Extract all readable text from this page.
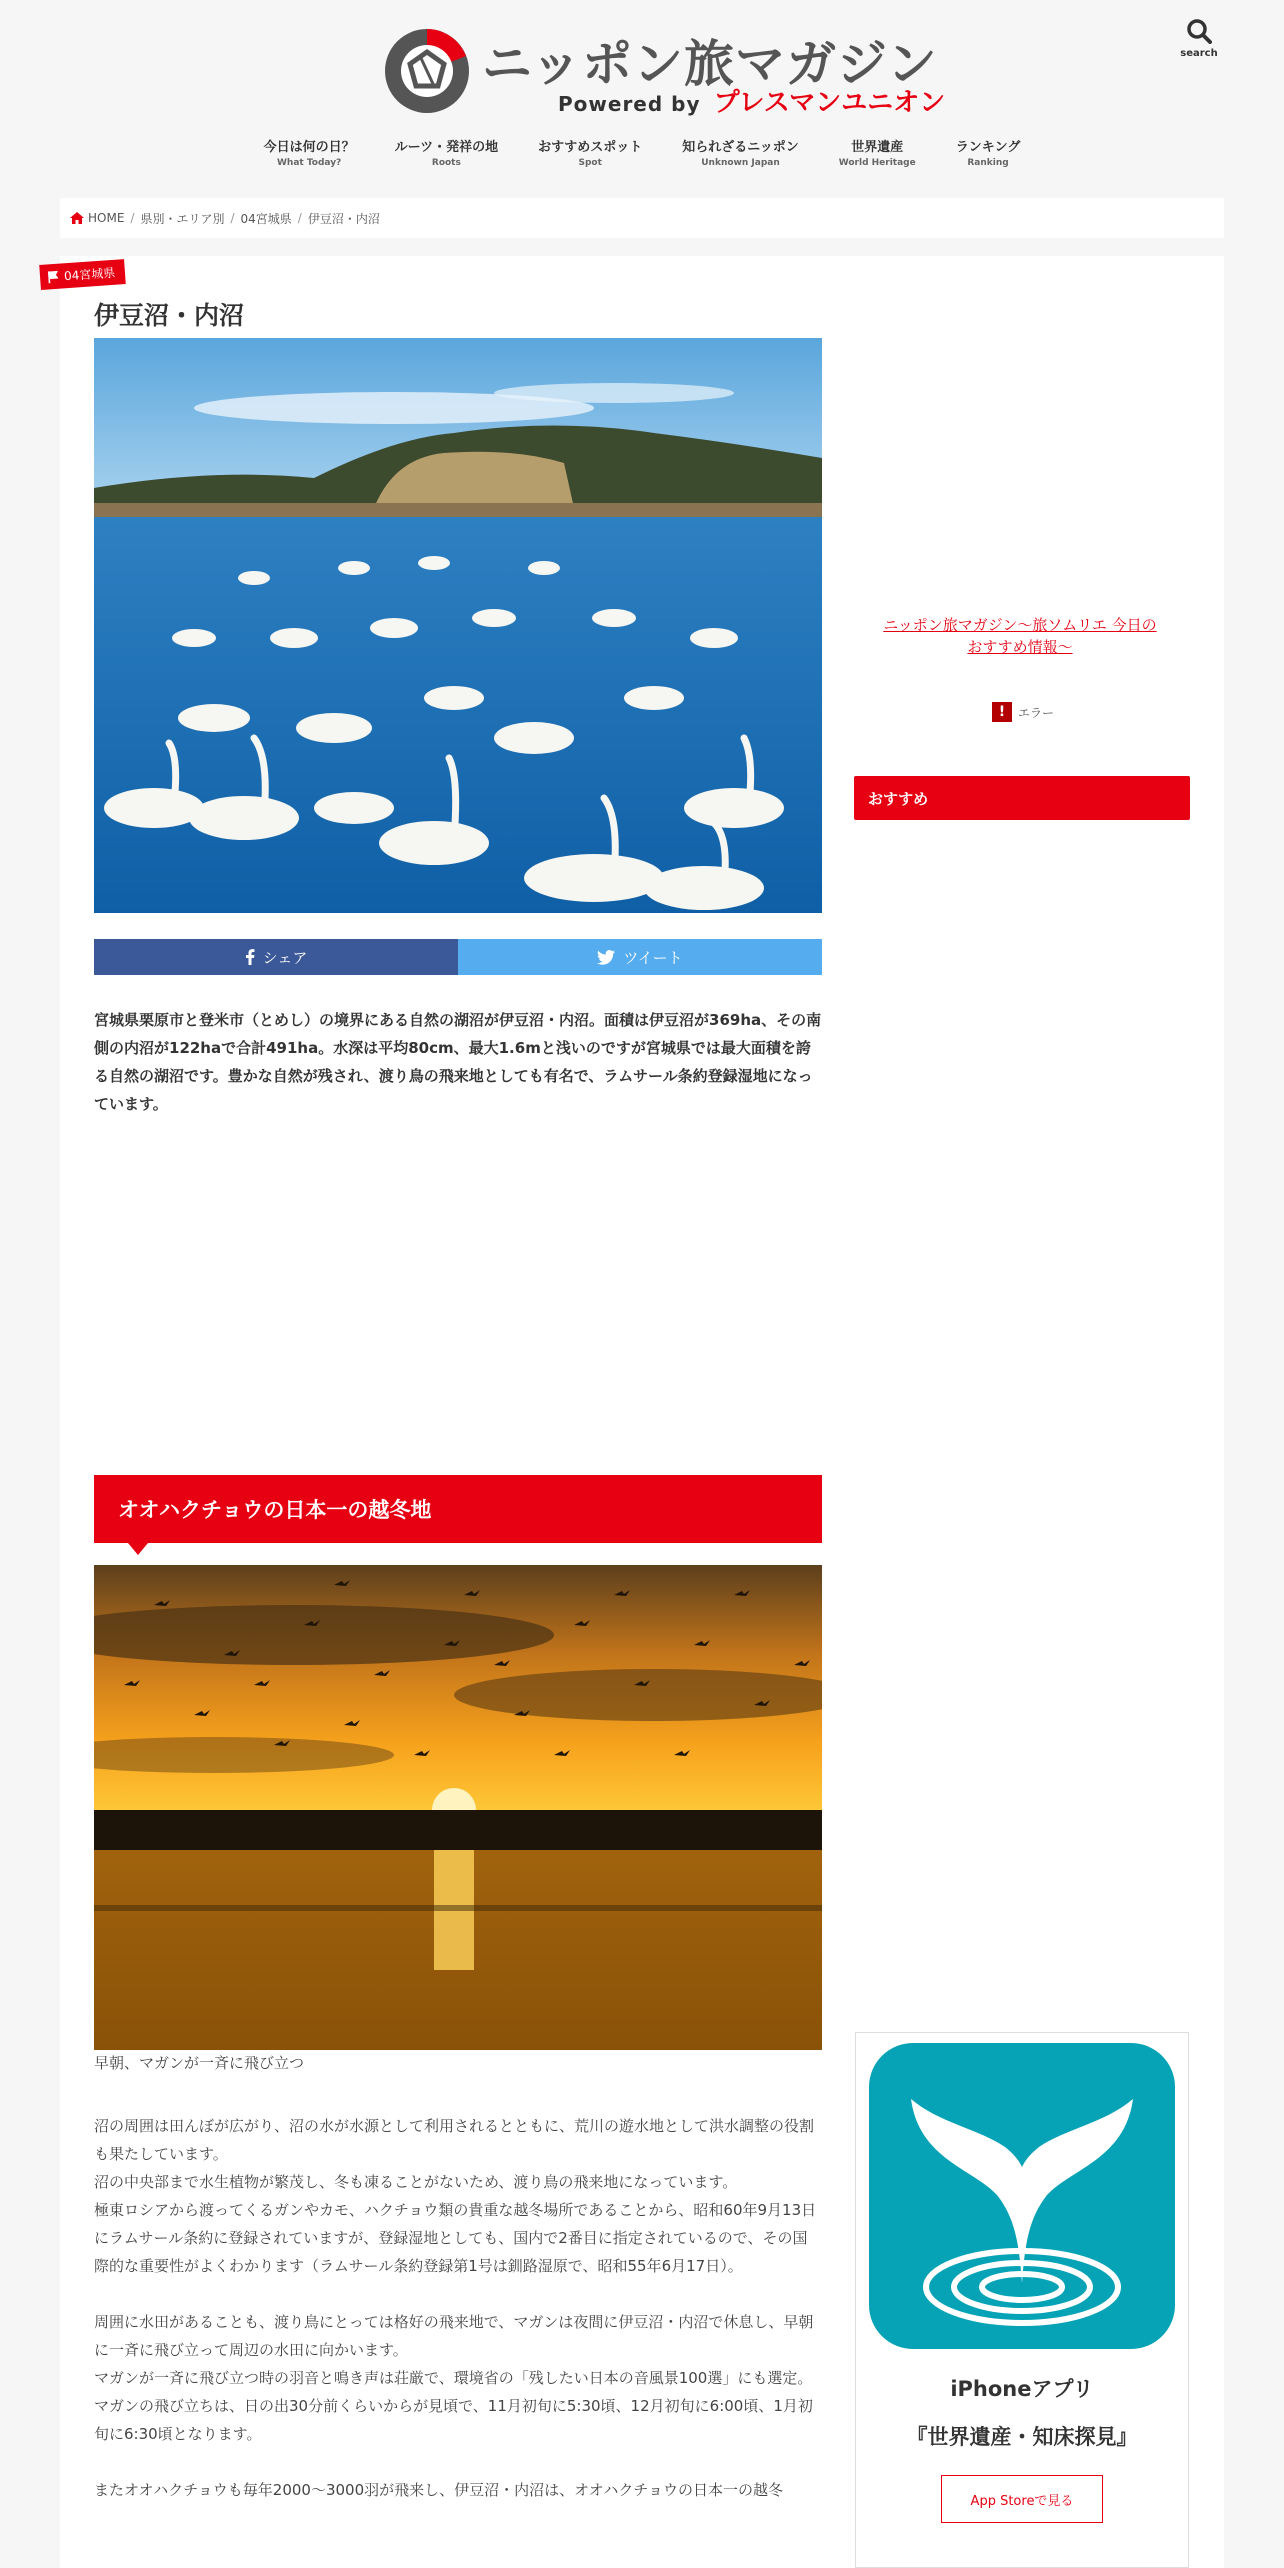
ニッポン旅マガジン
Powered by プレスマンユニオン
search
今日は何の日？
What Today?
ルーツ・発祥の地
Roots
おすすめスポット
Spot
知られざるニッポン
Unknown Japan
世界遺産
World Heritage
ランキング
Ranking
HOME / 県別・エリア別 / 04宮城県 / 伊豆沼・内沼
04宮城県
伊豆沼・内沼
シェア	ツイート

宮城県栗原市と登米市（とめし）の境界にある自然の湖沼が伊豆沼・内沼。面積は伊豆沼が369ha、その南側の内沼が122haで合計491ha。水深は平均80cm、最大1.6mと浅いのですが宮城県では最大面積を誇る自然の湖沼です。豊かな自然が残され、渡り鳥の飛来地としても有名で、ラムサール条約登録湿地になっています。

オオハクチョウの日本一の越冬地
早朝、マガンが一斉に飛び立つ

沼の周囲は田んぼが広がり、沼の水が水源として利用されるとともに、荒川の遊水地として洪水調整の役割も果たしています。

沼の中央部まで水生植物が繁茂し、冬も凍ることがないため、渡り鳥の飛来地になっています。

極東ロシアから渡ってくるガンやカモ、ハクチョウ類の貴重な越冬場所であることから、昭和60年9月13日にラムサール条約に登録されていますが、登録湿地としても、国内で2番目に指定されているので、その国際的な重要性がよくわかります（ラムサール条約登録第1号は釧路湿原で、昭和55年6月17日）。

周囲に水田があることも、渡り鳥にとっては格好の飛来地で、マガンは夜間に伊豆沼・内沼で休息し、早朝に一斉に飛び立って周辺の水田に向かいます。

マガンが一斉に飛び立つ時の羽音と鳴き声は荘厳で、環境省の「残したい日本の音風景100選」にも選定。

マガンの飛び立ちは、日の出30分前くらいからが見頃で、11月初旬に5:30頃、12月初旬に6:00頃、1月初旬に6:30頃となります。

またオオハクチョウも毎年2000～3000羽が飛来し、伊豆沼・内沼は、オオハクチョウの日本一の越冬

ニッポン旅マガジン～旅ソムリエ 今日のおすすめ情報～
!	エラー
おすすめ
iPhoneアプリ
『世界遺産・知床探見』
App Storeで見る
